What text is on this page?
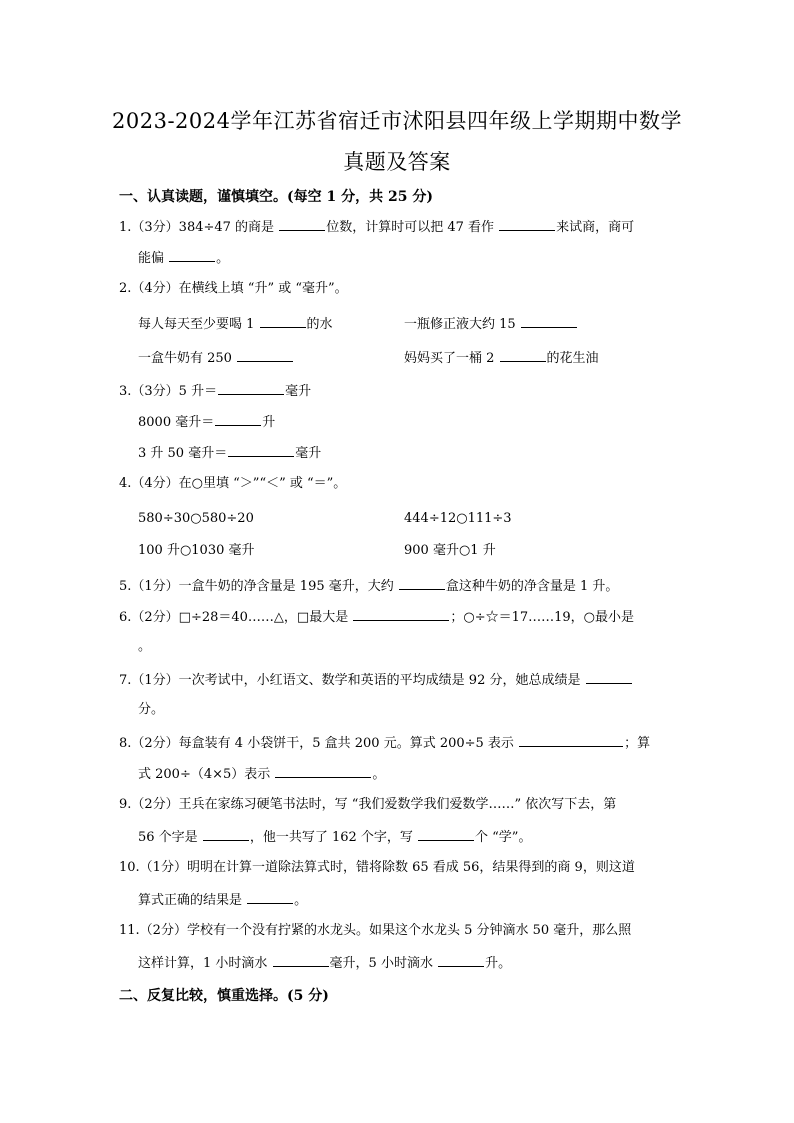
2023-2024学年江苏省宿迁市沭阳县四年级上学期期中数学
真题及答案
一、认真读题，谨慎填空。(每空 1 分，共 25 分)
1.（3分）384÷47 的商是	位数，计算时可以把 47 看作	来试商，商可
能偏	。
2.（4分）在横线上填 “升” 或 “毫升”。
每人每天至少要喝 1	的水	一瓶修正液大约 15
一盒牛奶有 250	妈妈买了一桶 2	的花生油
3.（3分）5 升＝	毫升
8000 毫升＝	升
3 升 50 毫升＝	毫升
4.（4分）在○里填 “＞”“＜” 或 “＝”。
580÷30○580÷20	444÷12○111÷3
100 升○1030 毫升	900 毫升○1 升
5.（1分）一盒牛奶的净含量是 195 毫升，大约	盒这种牛奶的净含量是 1 升。
6.（2分）□÷28＝40……△，□最大是	；○÷☆＝17……19，○最小是
。
7.（1分）一次考试中，小红语文、数学和英语的平均成绩是 92 分，她总成绩是
分。
8.（2分）每盒装有 4 小袋饼干，5 盒共 200 元。算式 200÷5 表示	；算
式 200÷（4×5）表示	。
9.（2分）王兵在家练习硬笔书法时，写 “我们爱数学我们爱数学……” 依次写下去，第
56 个字是	，他一共写了 162 个字，写	个 “学”。
10.（1分）明明在计算一道除法算式时，错将除数 65 看成 56，结果得到的商 9，则这道
算式正确的结果是	。
11.（2分）学校有一个没有拧紧的水龙头。如果这个水龙头 5 分钟滴水 50 毫升，那么照
这样计算，1 小时滴水	毫升，5 小时滴水	升。
二、反复比较，慎重选择。(5 分)
